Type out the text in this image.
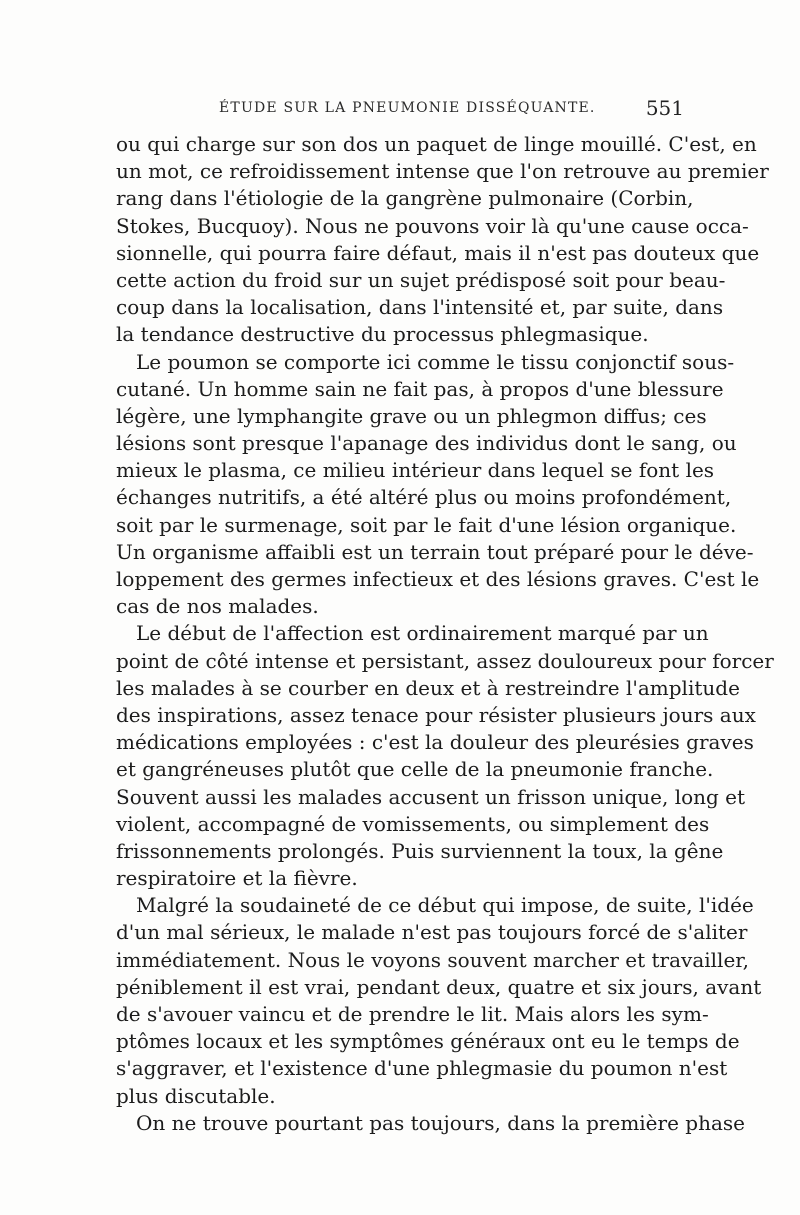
ÉTUDE SUR LA PNEUMONIE DISSÉQUANTE.	551
ou qui charge sur son dos un paquet de linge mouillé. C'est, en
un mot, ce refroidissement intense que l'on retrouve au premier
rang dans l'étiologie de la gangrène pulmonaire (Corbin,
Stokes, Bucquoy). Nous ne pouvons voir là qu'une cause occa-
sionnelle, qui pourra faire défaut, mais il n'est pas douteux que
cette action du froid sur un sujet prédisposé soit pour beau-
coup dans la localisation, dans l'intensité et, par suite, dans
la tendance destructive du processus phlegmasique.
Le poumon se comporte ici comme le tissu conjonctif sous-
cutané. Un homme sain ne fait pas, à propos d'une blessure
légère, une lymphangite grave ou un phlegmon diffus; ces
lésions sont presque l'apanage des individus dont le sang, ou
mieux le plasma, ce milieu intérieur dans lequel se font les
échanges nutritifs, a été altéré plus ou moins profondément,
soit par le surmenage, soit par le fait d'une lésion organique.
Un organisme affaibli est un terrain tout préparé pour le déve-
loppement des germes infectieux et des lésions graves. C'est le
cas de nos malades.
Le début de l'affection est ordinairement marqué par un
point de côté intense et persistant, assez douloureux pour forcer
les malades à se courber en deux et à restreindre l'amplitude
des inspirations, assez tenace pour résister plusieurs jours aux
médications employées : c'est la douleur des pleurésies graves
et gangréneuses plutôt que celle de la pneumonie franche.
Souvent aussi les malades accusent un frisson unique, long et
violent, accompagné de vomissements, ou simplement des
frissonnements prolongés. Puis surviennent la toux, la gêne
respiratoire et la fièvre.
Malgré la soudaineté de ce début qui impose, de suite, l'idée
d'un mal sérieux, le malade n'est pas toujours forcé de s'aliter
immédiatement. Nous le voyons souvent marcher et travailler,
péniblement il est vrai, pendant deux, quatre et six jours, avant
de s'avouer vaincu et de prendre le lit. Mais alors les sym-
ptômes locaux et les symptômes généraux ont eu le temps de
s'aggraver, et l'existence d'une phlegmasie du poumon n'est
plus discutable.
On ne trouve pourtant pas toujours, dans la première phase
